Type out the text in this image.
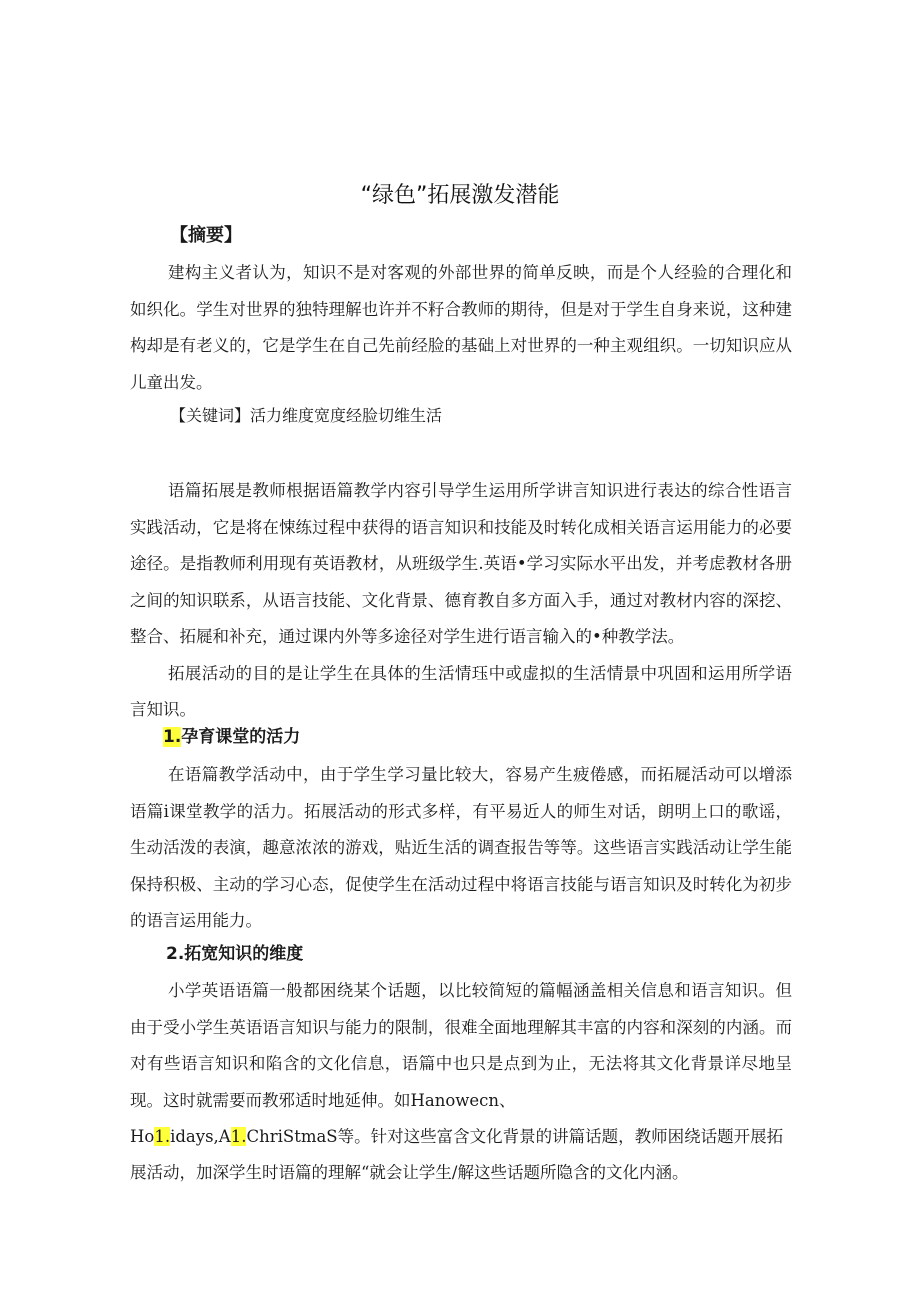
“绿色”拓展激发潜能
【摘要】

建构主义者认为，知识不是对客观的外部世界的简单反映，而是个人经验的合理化和如织化。学生对世界的独特理解也许并不籽合教师的期待，但是对于学生自身来说，这种建构却是有老义的，它是学生在自己先前经脸的基础上对世界的一种主观组织。一切知识应从儿童出发。

【关键词】活力维度宽度经脸切维生活

语篇拓展是教师根据语篇教学内容引导学生运用所学讲言知识进行表达的综合性语言实践活动，它是将在悚练过程中获得的语言知识和技能及时转化成相关语言运用能力的必要途径。是指教师利用现有英语教材，从班级学生.英语•学习实际水平出发，并考虑教材各册之间的知识联系，从语言技能、文化背景、德育教自多方面入手，通过对教材内容的深挖、整合、拓屣和补充，通过课内外等多途径对学生进行语言输入的•种教学法。

拓展活动的目的是让学生在具体的生活情珏中或虚拟的生活情景中巩固和运用所学语言知识。

1.孕育课堂的活力

在语篇教学活动中，由于学生学习量比较大，容易产生疲倦感，而拓屣活动可以增添语篇i课堂教学的活力。拓展活动的形式多样，有平易近人的师生对话，朗明上口的歌谣，生动活泼的表演，趣意浓浓的游戏，贴近生活的调查报告等等。这些语言实践活动让学生能保持积极、主动的学习心态，促使学生在活动过程中将语言技能与语言知识及时转化为初步的语言运用能力。

2.拓宽知识的维度

小学英语语篇一般都困绕某个话题，以比较简短的篇幅涵盖相关信息和语言知识。但由于受小学生英语语言知识与能力的限制，很难全面地理解其丰富的内容和深刻的内涵。而对有些语言知识和陷含的文化信息，语篇中也只是点到为止，无法将其文化背景详尽地呈现。这时就需要而教邪适时地延伸。如Hanowecn、

Ho1.idays,A1.ChriStmaS等。针对这些富含文化背景的讲篇话题，教师困绕话题开展拓
展活动，加深学生时语篇的理解“就会让学生/解这些话题所隐含的文化内涵。
